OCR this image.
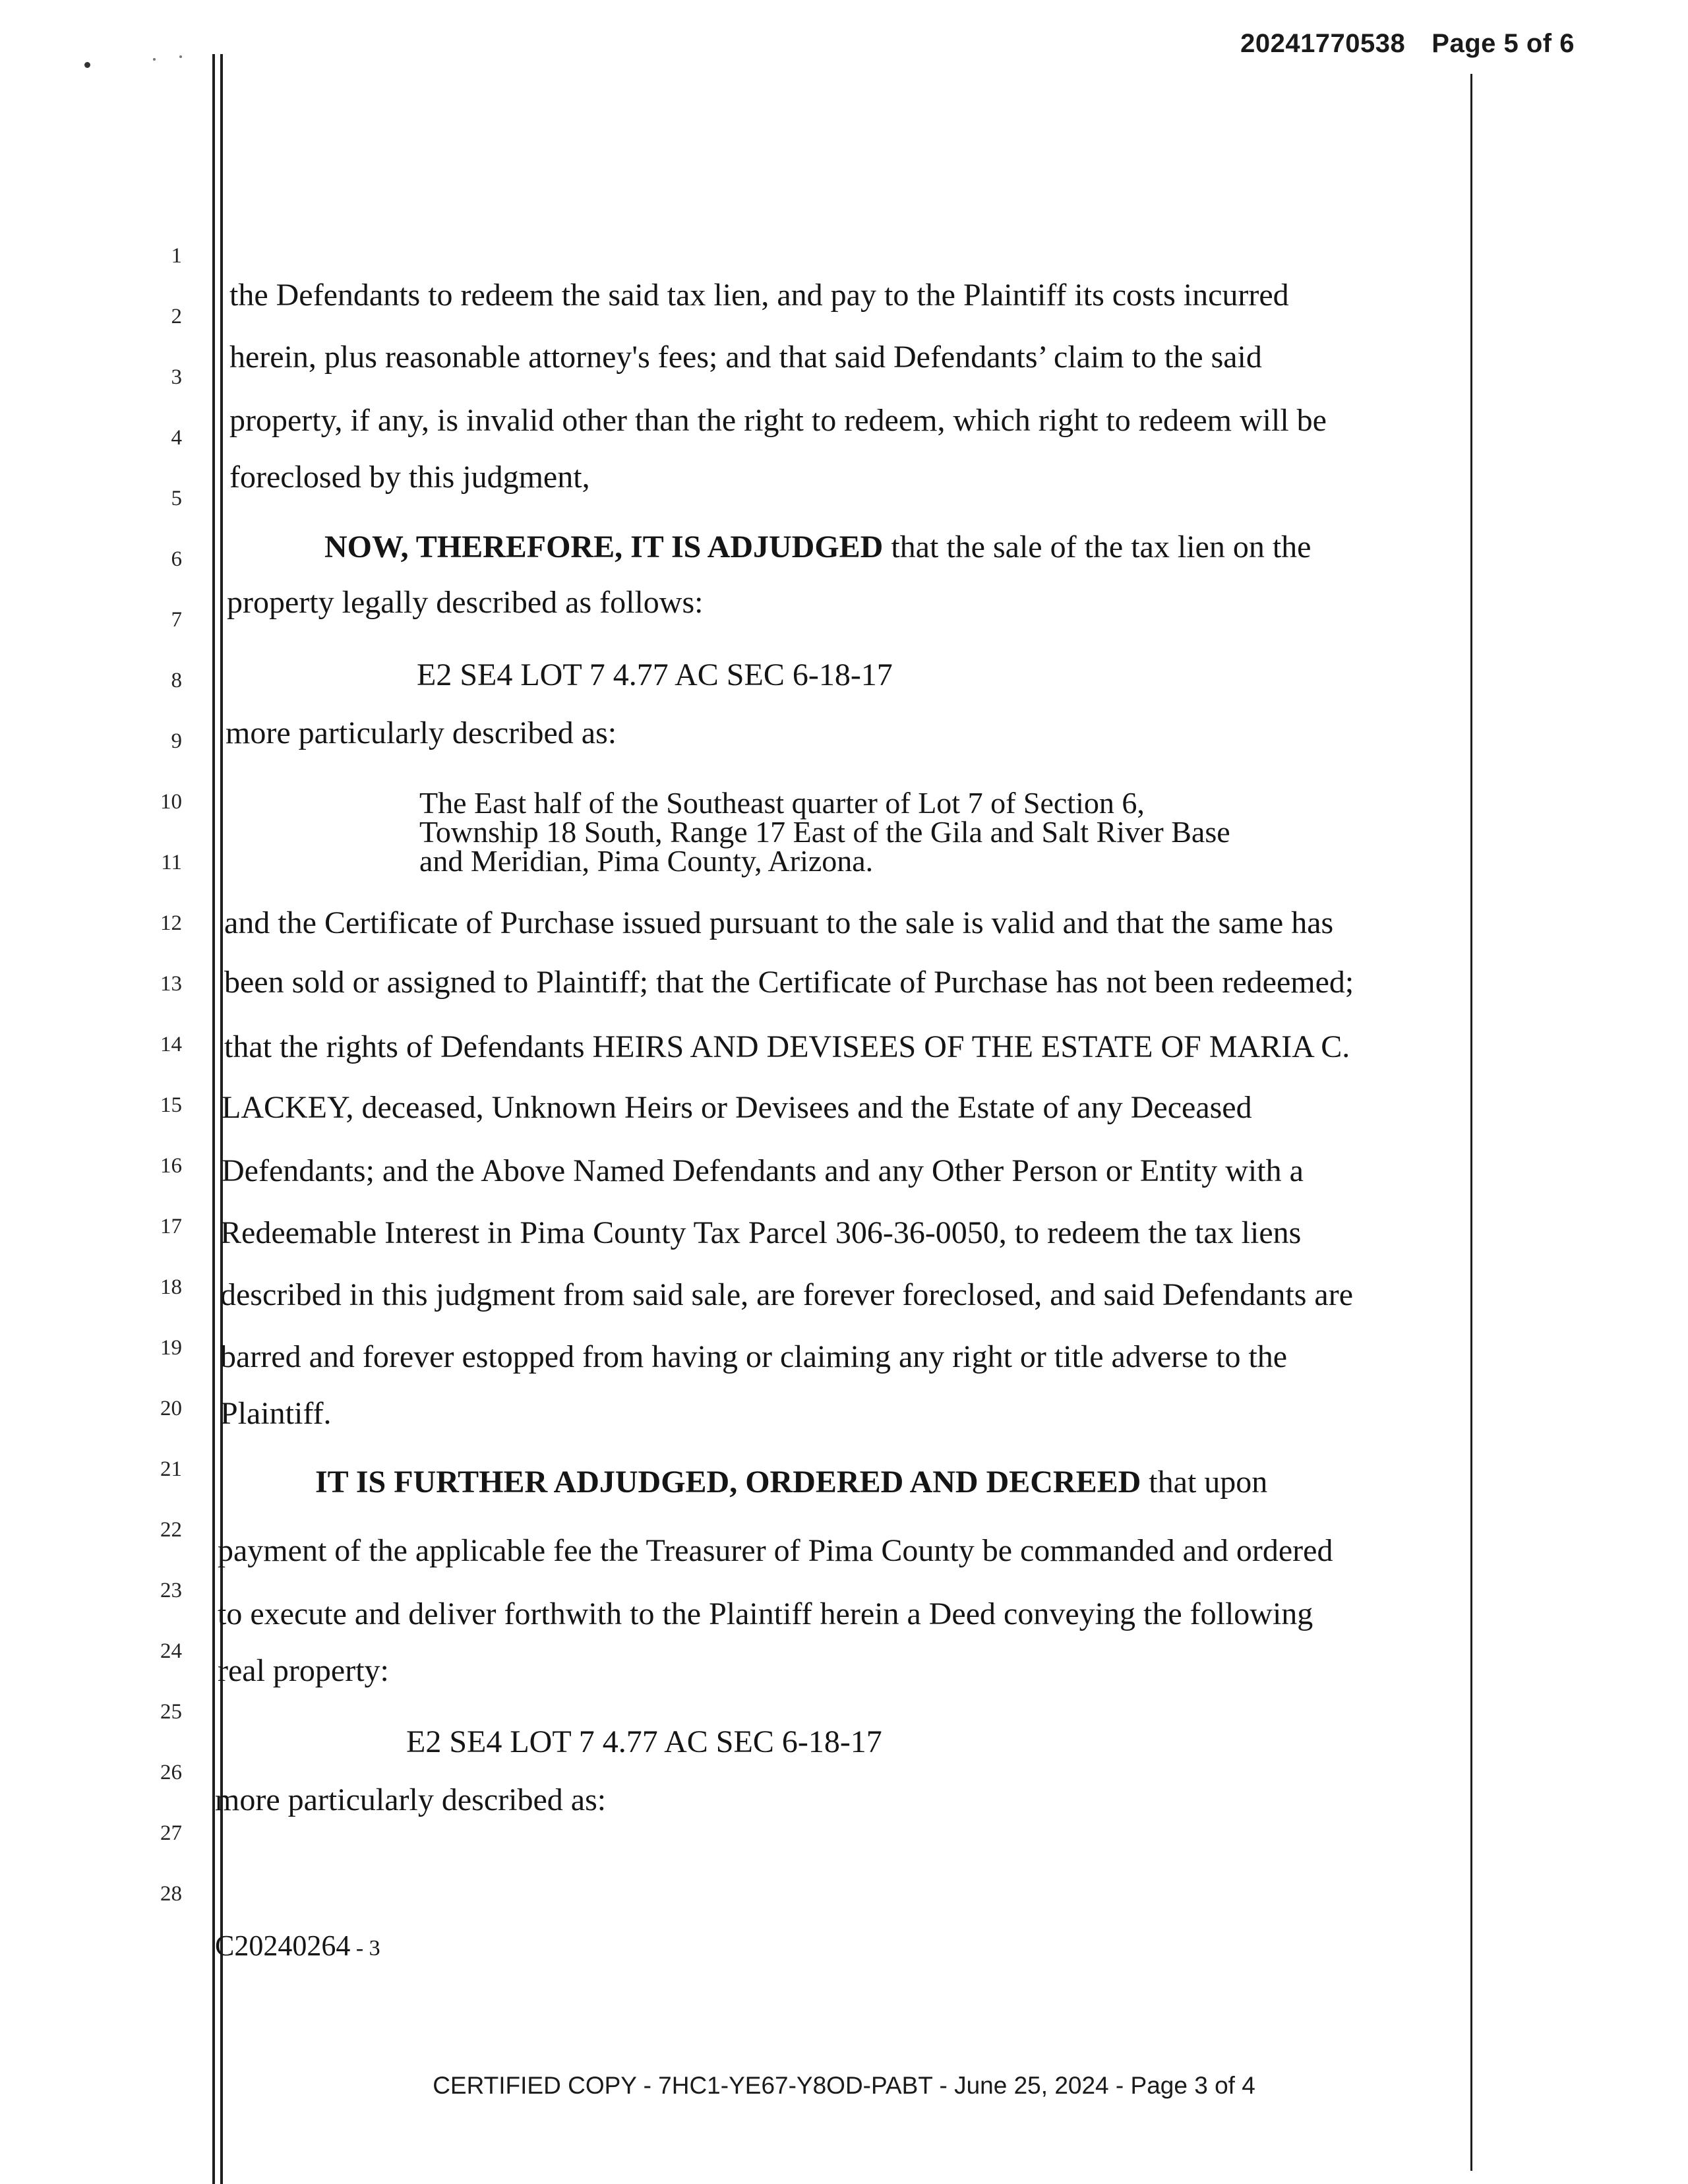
20241770538 Page 5 of 6
1
2
3
4
5
6
7
8
9
10
11
12
13
14
15
16
17
18
19
20
21
22
23
24
25
26
27
28
the Defendants to redeem the said tax lien, and pay to the Plaintiff its costs incurred
herein, plus reasonable attorney's fees; and that said Defendants’ claim to the said
property, if any, is invalid other than the right to redeem, which right to redeem will be
foreclosed by this judgment,
NOW, THEREFORE, IT IS ADJUDGED that the sale of the tax lien on the
property legally described as follows:
E2 SE4 LOT 7 4.77 AC SEC 6-18-17
more particularly described as:
The East half of the Southeast quarter of Lot 7 of Section 6,
Township 18 South, Range 17 East of the Gila and Salt River Base
and Meridian, Pima County, Arizona.
and the Certificate of Purchase issued pursuant to the sale is valid and that the same has
been sold or assigned to Plaintiff; that the Certificate of Purchase has not been redeemed;
that the rights of Defendants HEIRS AND DEVISEES OF THE ESTATE OF MARIA C.
LACKEY, deceased, Unknown Heirs or Devisees and the Estate of any Deceased
Defendants; and the Above Named Defendants and any Other Person or Entity with a
Redeemable Interest in Pima County Tax Parcel 306-36-0050, to redeem the tax liens
described in this judgment from said sale, are forever foreclosed, and said Defendants are
barred and forever estopped from having or claiming any right or title adverse to the
Plaintiff.
IT IS FURTHER ADJUDGED, ORDERED AND DECREED that upon
payment of the applicable fee the Treasurer of Pima County be commanded and ordered
to execute and deliver forthwith to the Plaintiff herein a Deed conveying the following
real property:
E2 SE4 LOT 7 4.77 AC SEC 6-18-17
more particularly described as:
C20240264 - 3
CERTIFIED COPY - 7HC1-YE67-Y8OD-PABT - June 25, 2024 - Page 3 of 4
